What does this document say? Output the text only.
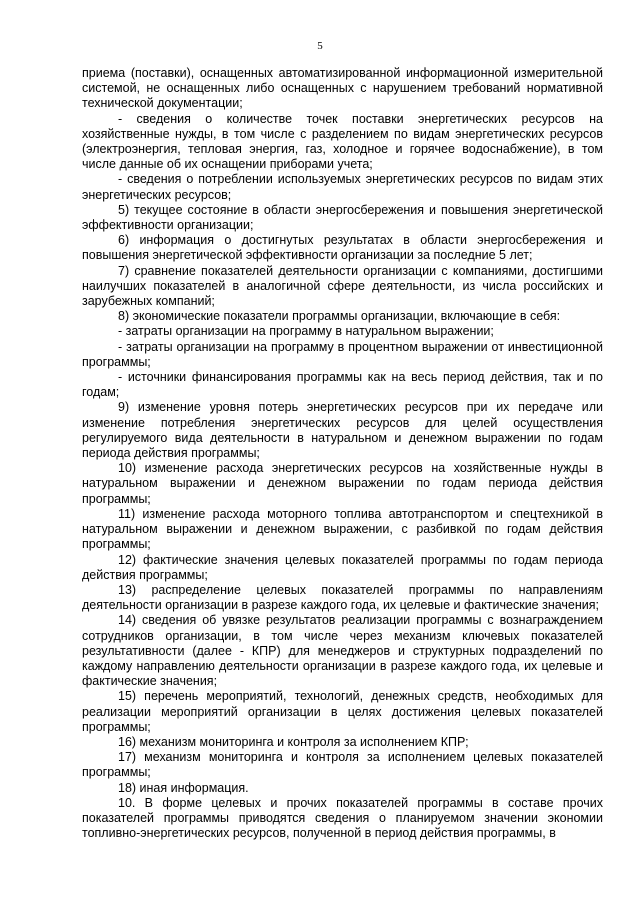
5

приема (поставки), оснащенных автоматизированной информационной измерительной системой, не оснащенных либо оснащенных с нарушением требований нормативной технической документации;

- сведения о количестве точек поставки энергетических ресурсов на хозяйственные нужды, в том числе с разделением по видам энергетических ресурсов (электроэнергия, тепловая энергия, газ, холодное и горячее водоснабжение), в том числе данные об их оснащении приборами учета;

- сведения о потреблении используемых энергетических ресурсов по видам этих энергетических ресурсов;

5) текущее состояние в области энергосбережения и повышения энергетической эффективности организации;

6) информация о достигнутых результатах в области энергосбережения и повышения энергетической эффективности организации за последние 5 лет;

7) сравнение показателей деятельности организации с компаниями, достигшими наилучших показателей в аналогичной сфере деятельности, из числа российских и зарубежных компаний;

8) экономические показатели программы организации, включающие в себя:

- затраты организации на программу в натуральном выражении;

- затраты организации на программу в процентном выражении от инвестиционной программы;

- источники финансирования программы как на весь период действия, так и по годам;

9) изменение уровня потерь энергетических ресурсов при их передаче или изменение потребления энергетических ресурсов для целей осуществления регулируемого вида деятельности в натуральном и денежном выражении по годам периода действия программы;

10) изменение расхода энергетических ресурсов на хозяйственные нужды в натуральном выражении и денежном выражении по годам периода действия программы;

11) изменение расхода моторного топлива автотранспортом и спецтехникой в натуральном выражении и денежном выражении, с разбивкой по годам действия программы;

12) фактические значения целевых показателей программы по годам периода действия программы;

13) распределение целевых показателей программы по направлениям деятельности организации в разрезе каждого года, их целевые и фактические значения;

14) сведения об увязке результатов реализации программы с вознаграждением сотрудников организации, в том числе через механизм ключевых показателей результативности (далее - КПР) для менеджеров и структурных подразделений по каждому направлению деятельности организации в разрезе каждого года, их целевые и фактические значения;

15) перечень мероприятий, технологий, денежных средств, необходимых для реализации мероприятий организации в целях достижения целевых показателей программы;

16) механизм мониторинга и контроля за исполнением КПР;

17) механизм мониторинга и контроля за исполнением целевых показателей программы;

18) иная информация.

10. В форме целевых и прочих показателей программы в составе прочих показателей программы приводятся сведения о планируемом значении экономии топливно-энергетических ресурсов, полученной в период действия программы, в
